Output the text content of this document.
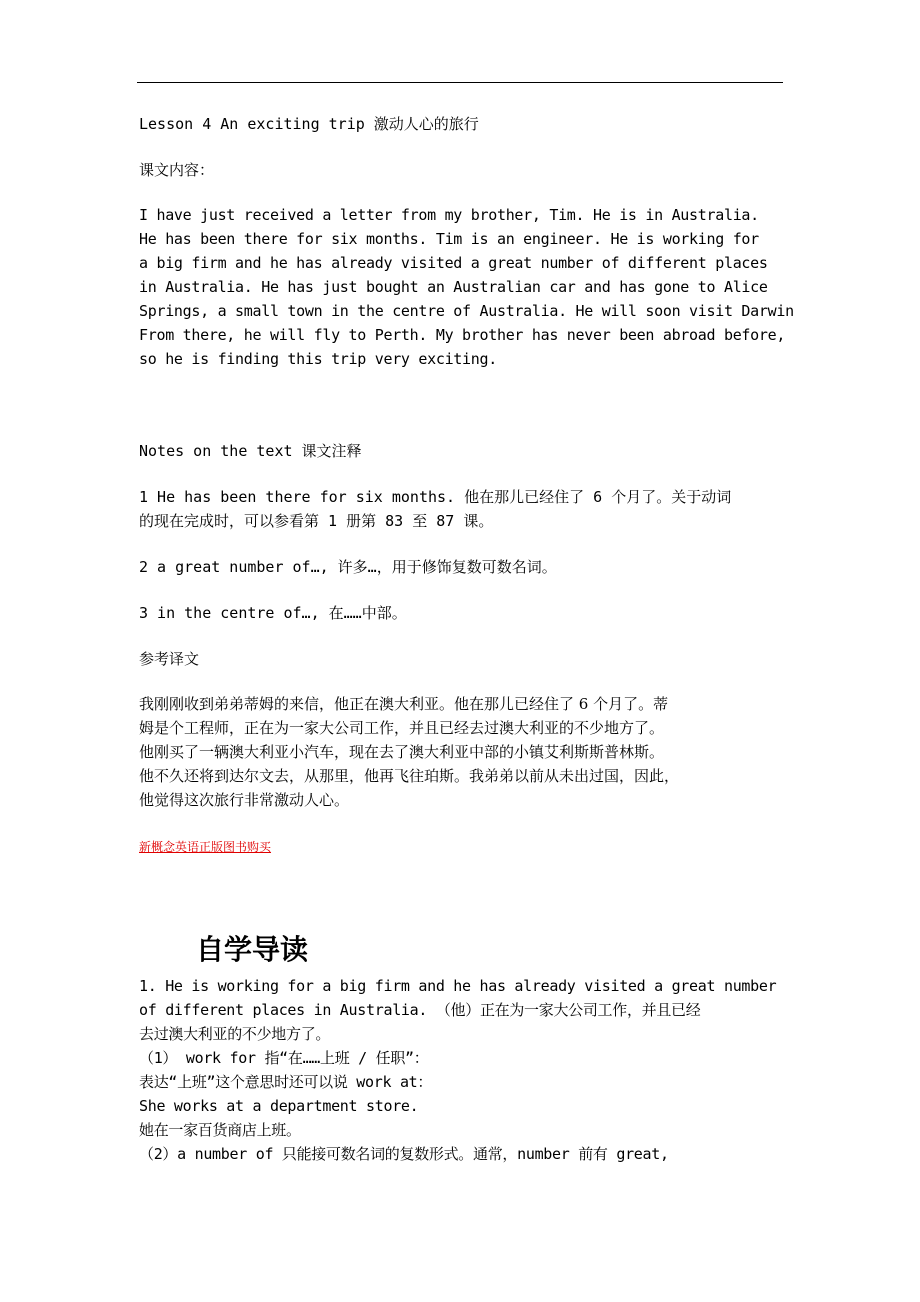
Lesson 4 An exciting trip 激动人心的旅行
课文内容：
I have just received a letter from my brother, Tim. He is in Australia.
He has been there for six months. Tim is an engineer. He is working for
a big firm and he has already visited a great number of different places
in Australia. He has just bought an Australian car and has gone to Alice
Springs, a small town in the centre of Australia. He will soon visit Darwin
From there, he will fly to Perth. My brother has never been abroad before,
so he is finding this trip very exciting.
Notes on the text 课文注释
1 He has been there for six months. 他在那儿已经住了 6 个月了。关于动词
的现在完成时，可以参看第 1 册第 83 至 87 课。
2 a great number of…, 许多…，用于修饰复数可数名词。
3 in the centre of…, 在……中部。
参考译文
我刚刚收到弟弟蒂姆的来信，他正在澳大利亚。他在那儿已经住了 6 个月了。蒂
姆是个工程师，正在为一家大公司工作，并且已经去过澳大利亚的不少地方了。
他刚买了一辆澳大利亚小汽车，现在去了澳大利亚中部的小镇艾利斯斯普林斯。
他不久还将到达尔文去，从那里，他再飞往珀斯。我弟弟以前从未出过国，因此，
他觉得这次旅行非常激动人心。
新概念英语正版图书购买
自学导读
1. He is working for a big firm and he has already visited a great number
of different places in Australia. （他）正在为一家大公司工作，并且已经
去过澳大利亚的不少地方了。
（1） work for 指“在……上班 / 任职”：
表达“上班”这个意思时还可以说 work at：
She works at a department store.
她在一家百货商店上班。
（2）a number of 只能接可数名词的复数形式。通常，number 前有 great,
